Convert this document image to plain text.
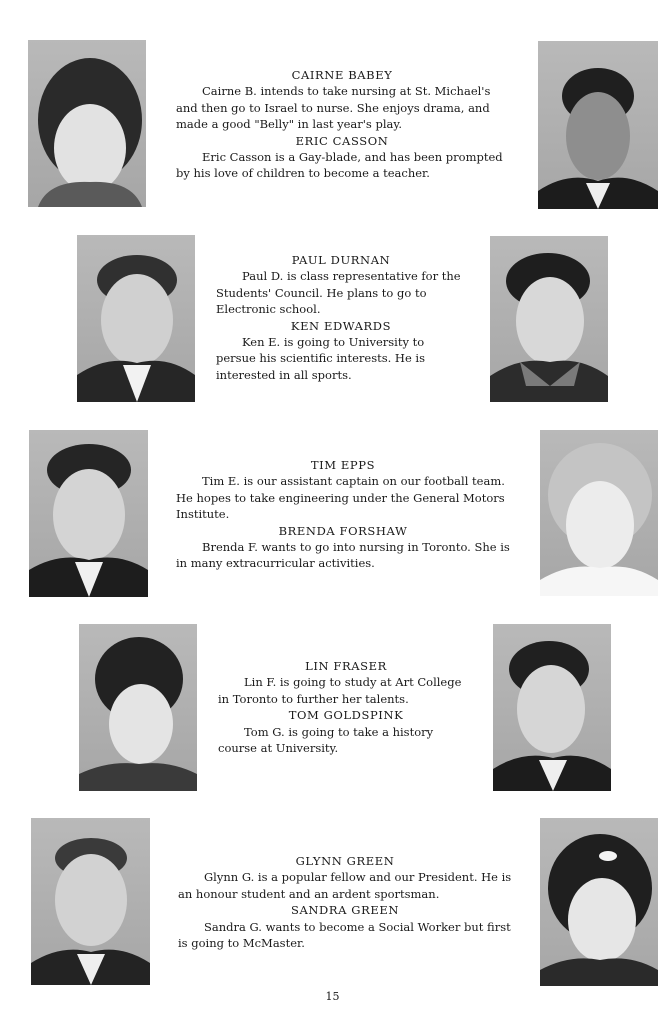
CAIRNE BABEY
Cairne B. intends to take nursing at St. Michael's and then go to Israel to nurse. She enjoys drama, and made a good "Belly" in last year's play.
ERIC CASSON
Eric Casson is a Gay-blade, and has been prompted by his love of children to become a teacher.
PAUL DURNAN
Paul D. is class representative for the Students' Council. He plans to go to Electronic school.
KEN EDWARDS
Ken E. is going to University to persue his scientific interests. He is interested in all sports.
TIM EPPS
Tim E. is our assistant captain on our football team. He hopes to take engineering under the General Motors Institute.
BRENDA FORSHAW
Brenda F. wants to go into nursing in Toronto. She is in many extracurricular activities.
LIN FRASER
Lin F. is going to study at Art College in Toronto to further her talents.
TOM GOLDSPINK
Tom G. is going to take a history course at University.
GLYNN GREEN
Glynn G. is a popular fellow and our President. He is an honour student and an ardent sportsman.
SANDRA GREEN
Sandra G. wants to become a Social Worker but first is going to McMaster.
15
